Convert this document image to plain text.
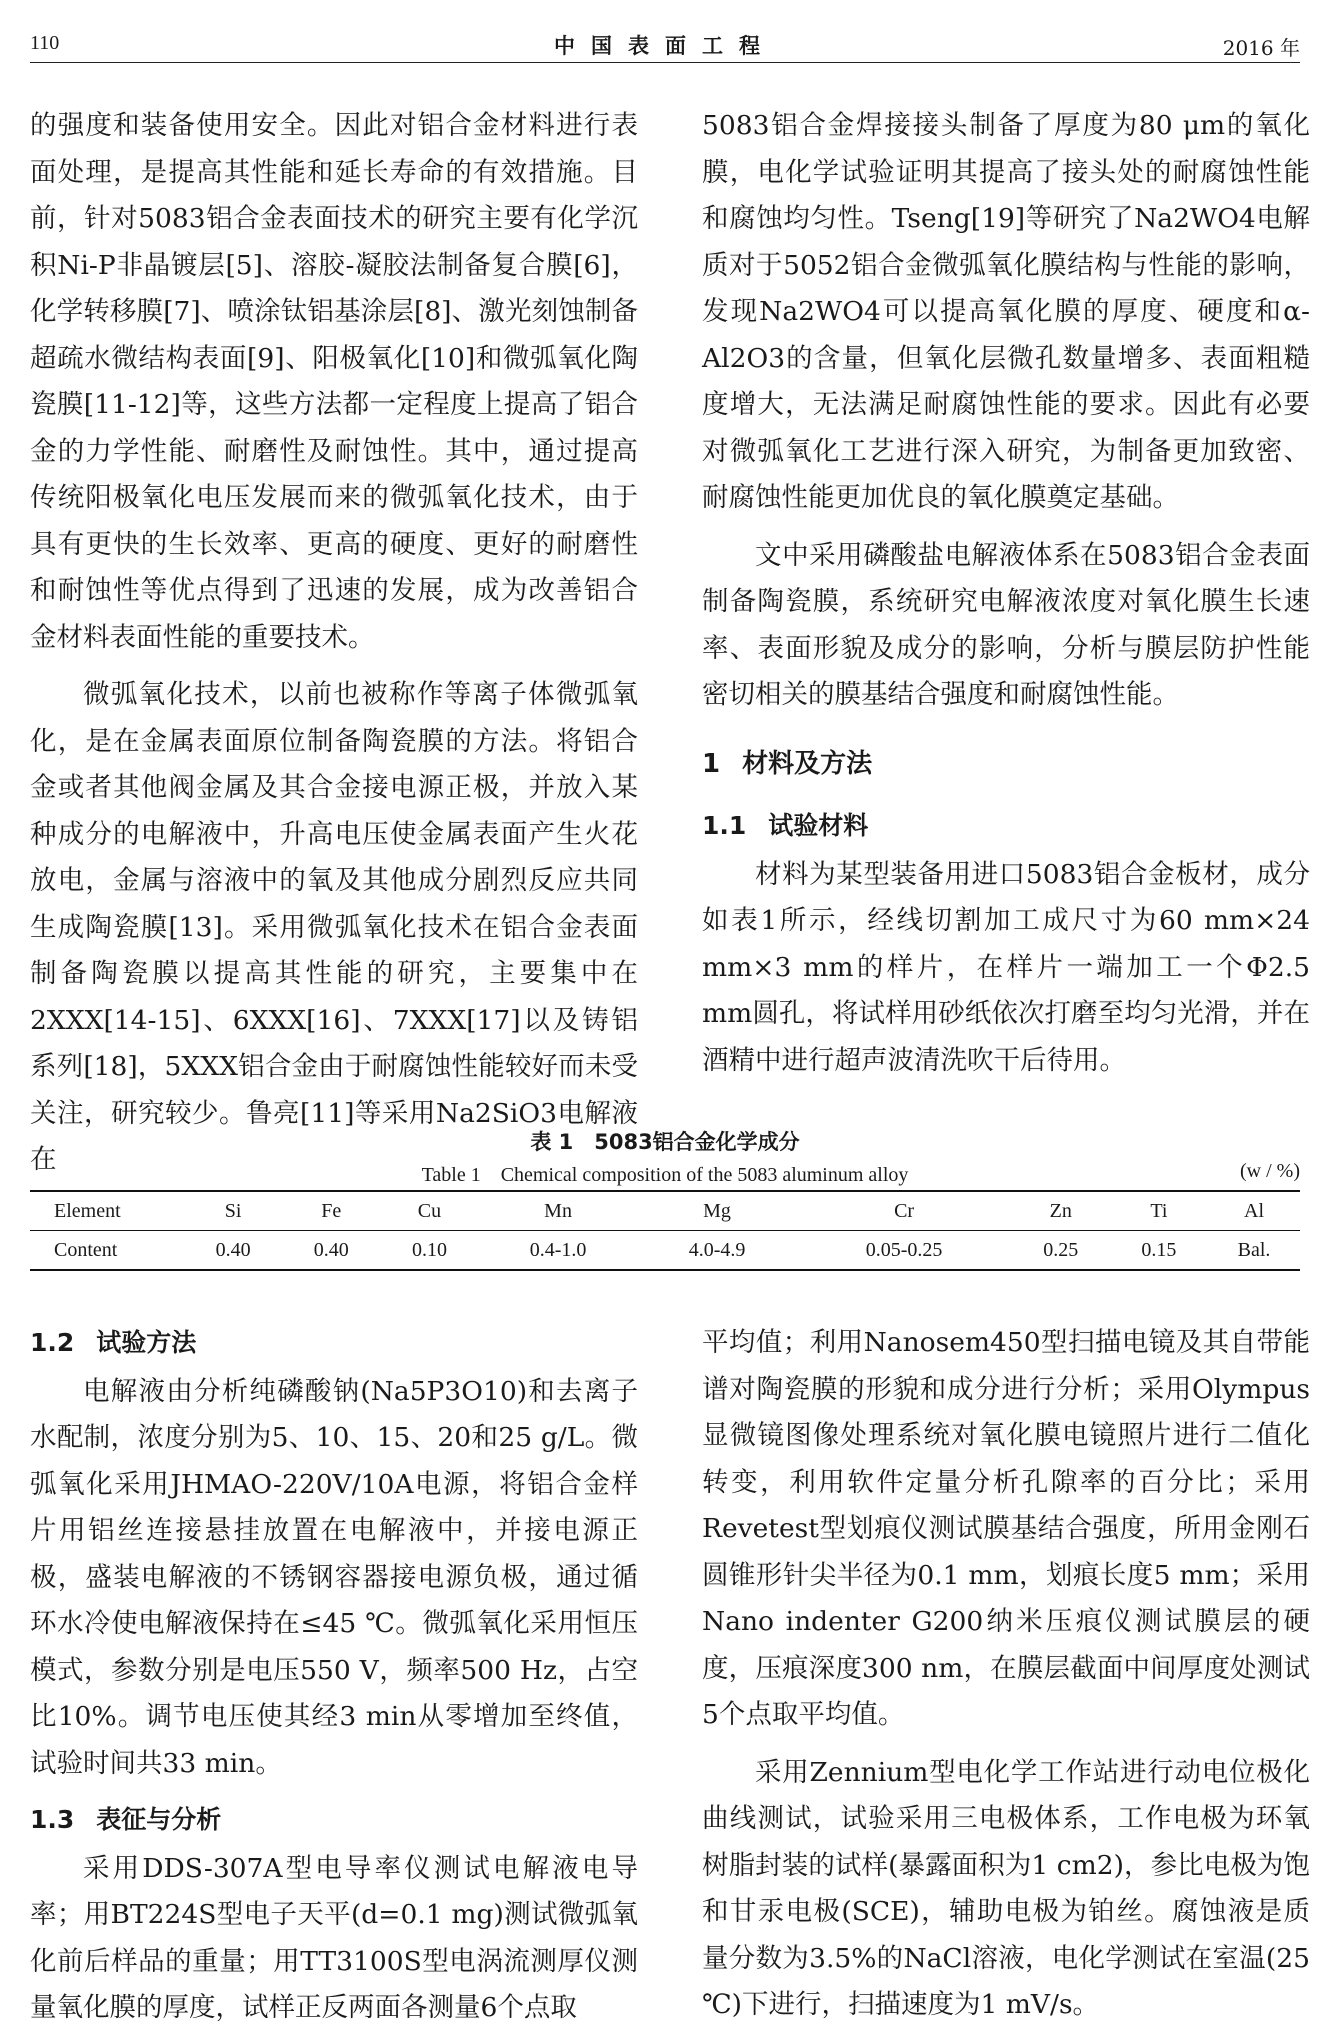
110	中国表面工程	2016 年

的强度和装备使用安全。因此对铝合金材料进行表面处理，是提高其性能和延长寿命的有效措施。目前，针对5083铝合金表面技术的研究主要有化学沉积Ni-P非晶镀层[5]、溶胶-凝胶法制备复合膜[6]，化学转移膜[7]、喷涂钛铝基涂层[8]、激光刻蚀制备超疏水微结构表面[9]、阳极氧化[10]和微弧氧化陶瓷膜[11-12]等，这些方法都一定程度上提高了铝合金的力学性能、耐磨性及耐蚀性。其中，通过提高传统阳极氧化电压发展而来的微弧氧化技术，由于具有更快的生长效率、更高的硬度、更好的耐磨性和耐蚀性等优点得到了迅速的发展，成为改善铝合金材料表面性能的重要技术。

微弧氧化技术，以前也被称作等离子体微弧氧化，是在金属表面原位制备陶瓷膜的方法。将铝合金或者其他阀金属及其合金接电源正极，并放入某种成分的电解液中，升高电压使金属表面产生火花放电，金属与溶液中的氧及其他成分剧烈反应共同生成陶瓷膜[13]。采用微弧氧化技术在铝合金表面制备陶瓷膜以提高其性能的研究，主要集中在2XXX[14-15]、6XXX[16]、7XXX[17]以及铸铝系列[18]，5XXX铝合金由于耐腐蚀性能较好而未受关注，研究较少。鲁亮[11]等采用Na2SiO3电解液在

5083铝合金焊接接头制备了厚度为80 μm的氧化膜，电化学试验证明其提高了接头处的耐腐蚀性能和腐蚀均匀性。Tseng[19]等研究了Na2WO4电解质对于5052铝合金微弧氧化膜结构与性能的影响，发现Na2WO4可以提高氧化膜的厚度、硬度和α-Al2O3的含量，但氧化层微孔数量增多、表面粗糙度增大，无法满足耐腐蚀性能的要求。因此有必要对微弧氧化工艺进行深入研究，为制备更加致密、耐腐蚀性能更加优良的氧化膜奠定基础。

文中采用磷酸盐电解液体系在5083铝合金表面制备陶瓷膜，系统研究电解液浓度对氧化膜生长速率、表面形貌及成分的影响，分析与膜层防护性能密切相关的膜基结合强度和耐腐蚀性能。

1 材料及方法

1.1 试验材料

材料为某型装备用进口5083铝合金板材，成分如表1所示，经线切割加工成尺寸为60 mm×24 mm×3 mm的样片，在样片一端加工一个Φ2.5 mm圆孔，将试样用砂纸依次打磨至均匀光滑，并在酒精中进行超声波清洗吹干后待用。

表 1　5083铝合金化学成分
Table 1　Chemical composition of the 5083 aluminum alloy	(w / %)
Element	Si	Fe	Cu	Mn	Mg	Cr	Zn	Ti	Al
Content	0.40	0.40	0.10	0.4-1.0	4.0-4.9	0.05-0.25	0.25	0.15	Bal.

1.2 试验方法

电解液由分析纯磷酸钠(Na5P3O10)和去离子水配制，浓度分别为5、10、15、20和25 g/L。微弧氧化采用JHMAO-220V/10A电源，将铝合金样片用铝丝连接悬挂放置在电解液中，并接电源正极，盛装电解液的不锈钢容器接电源负极，通过循环水冷使电解液保持在≤45 ℃。微弧氧化采用恒压模式，参数分别是电压550 V，频率500 Hz，占空比10%。调节电压使其经3 min从零增加至终值，试验时间共33 min。

1.3 表征与分析

采用DDS-307A型电导率仪测试电解液电导率；用BT224S型电子天平(d=0.1 mg)测试微弧氧化前后样品的重量；用TT3100S型电涡流测厚仪测量氧化膜的厚度，试样正反两面各测量6个点取

平均值；利用Nanosem450型扫描电镜及其自带能谱对陶瓷膜的形貌和成分进行分析；采用Olympus显微镜图像处理系统对氧化膜电镜照片进行二值化转变，利用软件定量分析孔隙率的百分比；采用Revetest型划痕仪测试膜基结合强度，所用金刚石圆锥形针尖半径为0.1 mm，划痕长度5 mm；采用Nano indenter G200纳米压痕仪测试膜层的硬度，压痕深度300 nm，在膜层截面中间厚度处测试5个点取平均值。

采用Zennium型电化学工作站进行动电位极化曲线测试，试验采用三电极体系，工作电极为环氧树脂封装的试样(暴露面积为1 cm2)，参比电极为饱和甘汞电极(SCE)，辅助电极为铂丝。腐蚀液是质量分数为3.5%的NaCl溶液，电化学测试在室温(25 ℃)下进行，扫描速度为1 mV/s。
